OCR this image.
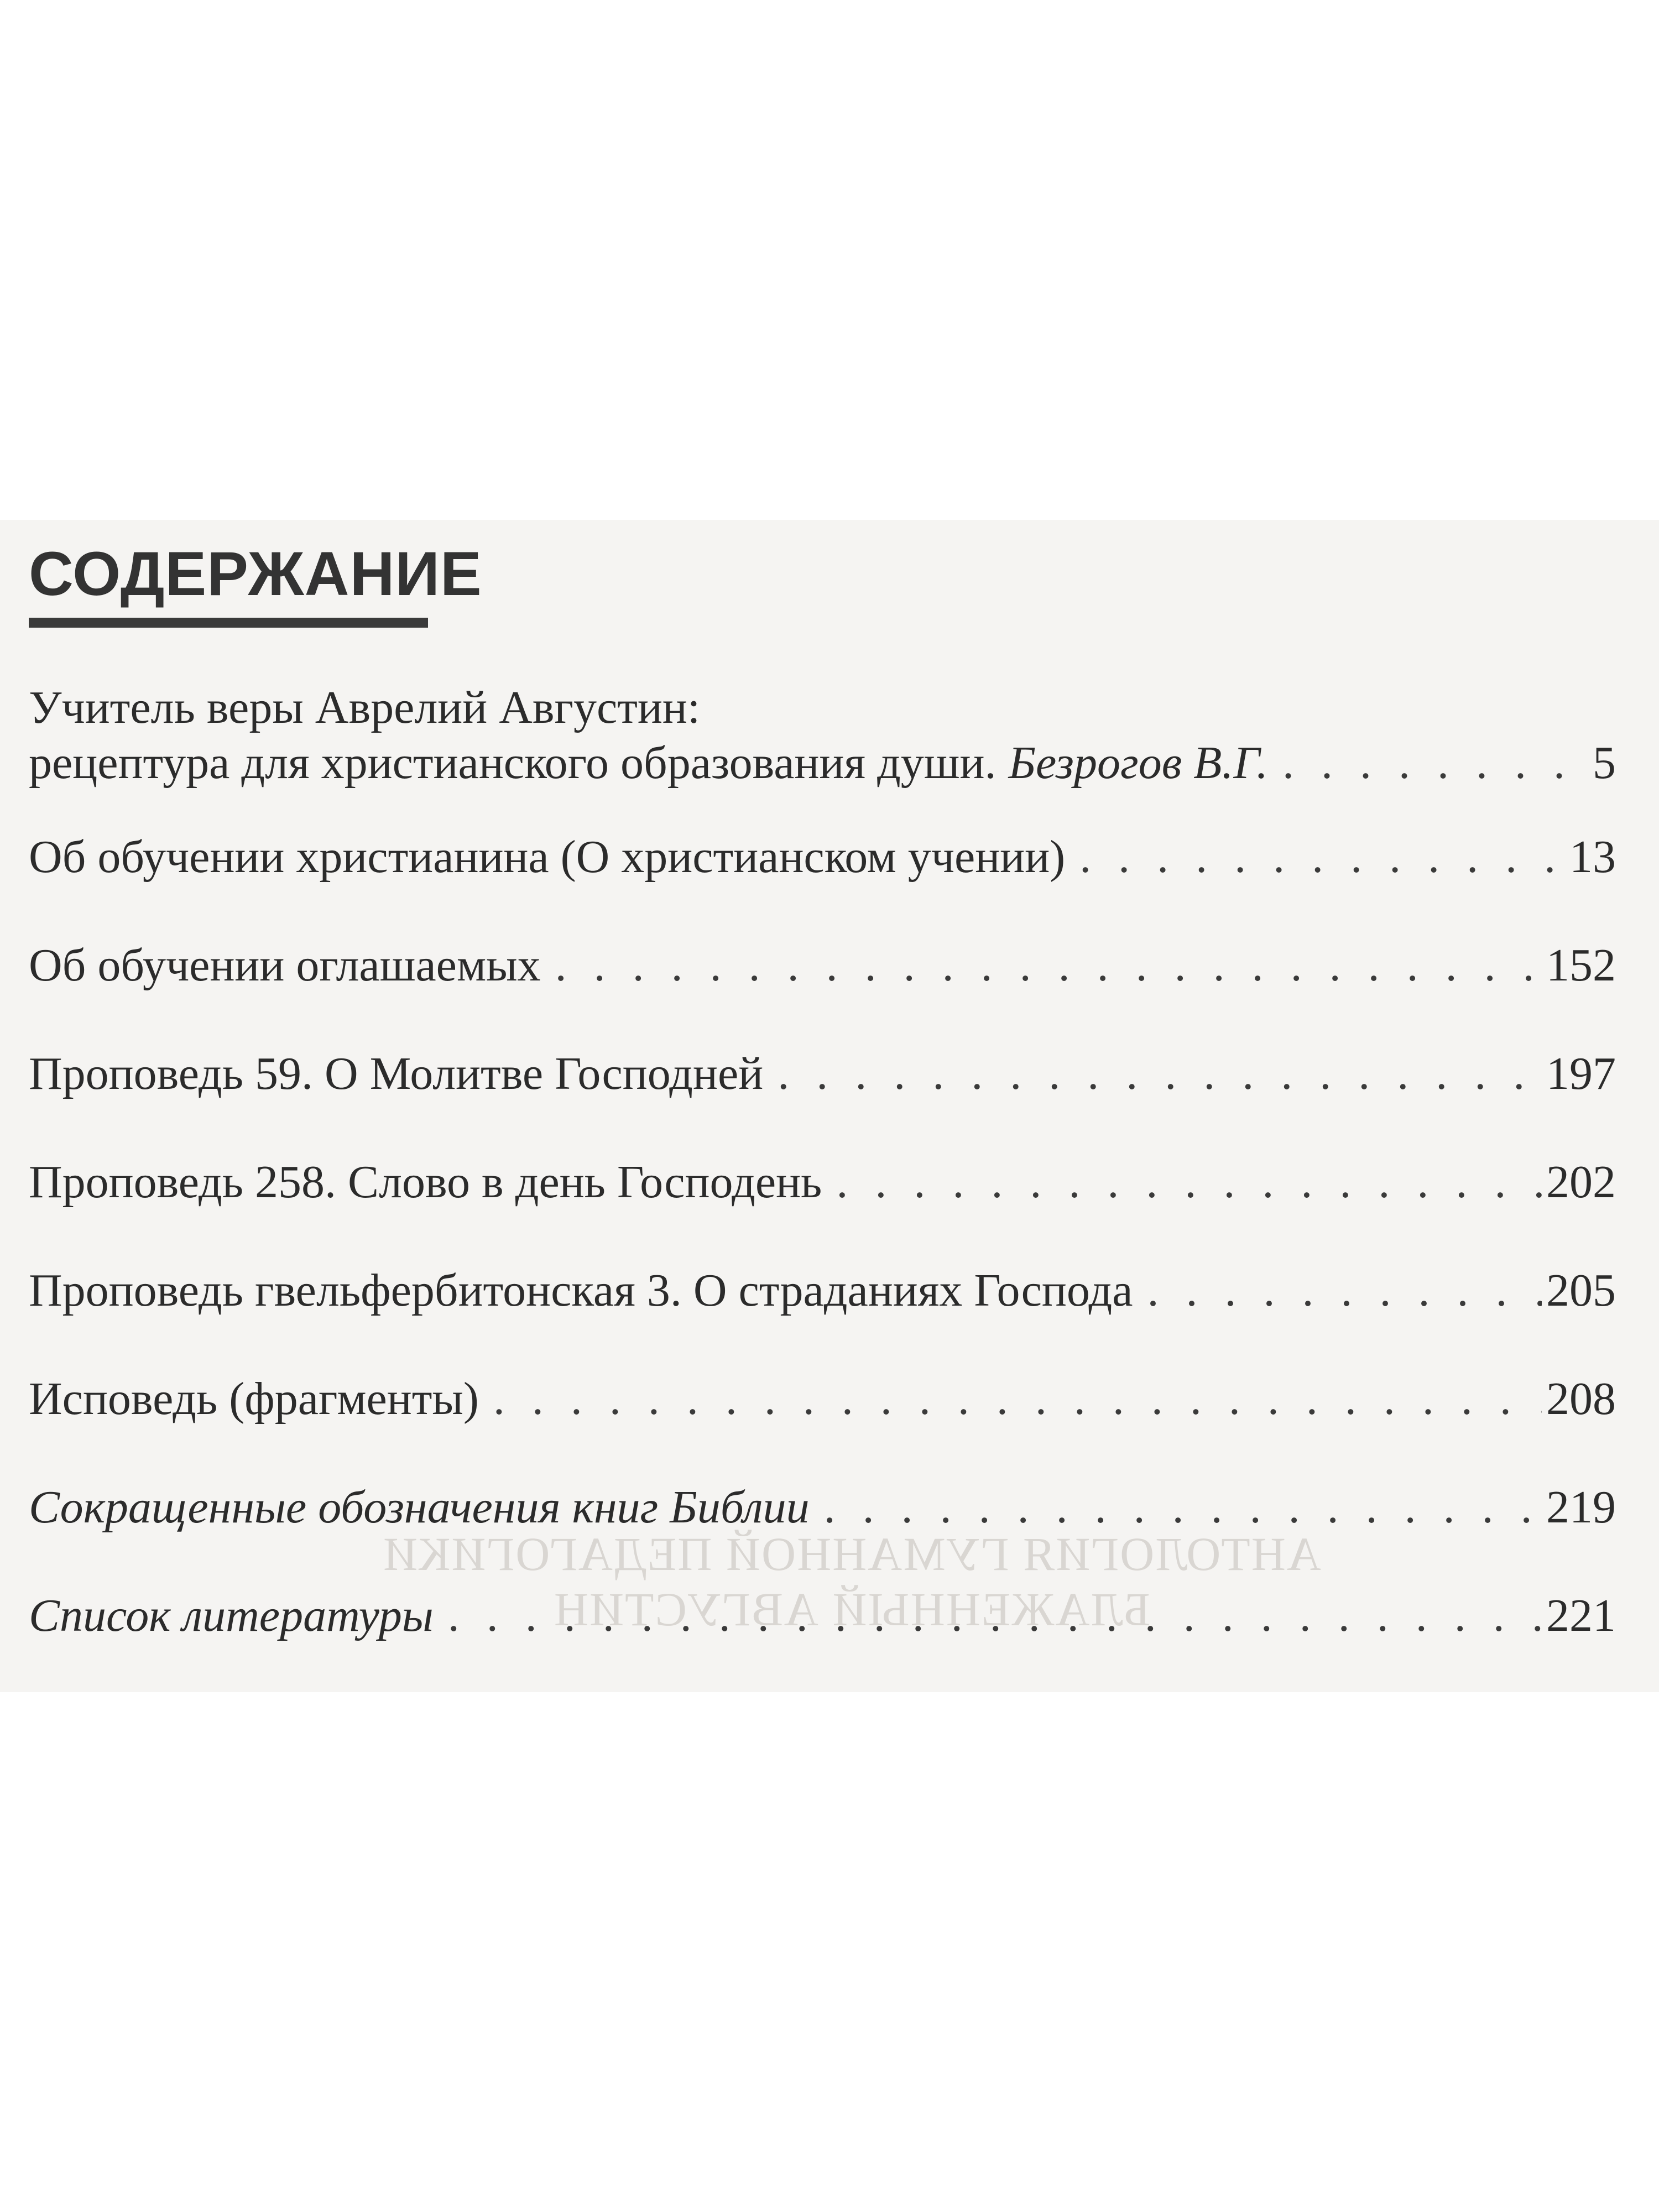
СОДЕРЖАНИЕ
АНТОЛОГИЯ ГУМАННОЙ ПЕДАГОГИКИ
БЛАЖЕННЫЙ АВГУСТИН
Учитель веры Аврелий Августин:
рецептура для христианского образования души. Безрогов В.Г. . . .	5
Об обучении христианина (О христианском учении) . . .	13
Об обучении оглашаемых . . .	152
Проповедь 59. О Молитве Господней . . .	197
Проповедь 258. Слово в день Господень . . .	202
Проповедь гвельфербитонская 3. О страданиях Господа . . .	205
Исповедь (фрагменты) . . .	208
Сокращенные обозначения книг Библии . . .	219
Список литературы . . .	221
